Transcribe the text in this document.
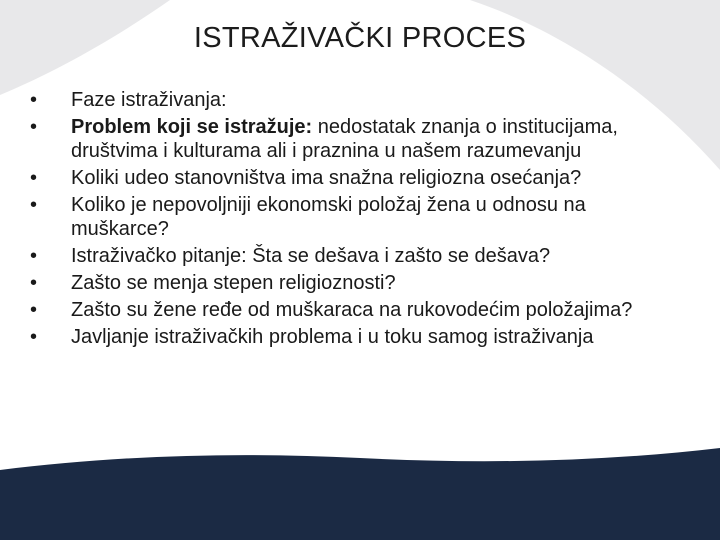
ISTRAŽIVAČKI PROCES
•	Faze istraživanja:
•	Problem koji se istražuje: nedostatak znanja o institucijama, društvima i kulturama ali i praznina u našem razumevanju
•	Koliki udeo stanovništva ima snažna religiozna osećanja?
•	Koliko je nepovoljniji ekonomski položaj žena u odnosu na muškarce?
•	Istraživačko pitanje: Šta se dešava i zašto se dešava?
•	Zašto se menja stepen religioznosti?
•	Zašto su žene ređe od muškaraca na rukovodećim položajima?
•	Javljanje istraživačkih problema i u toku samog istraživanja
